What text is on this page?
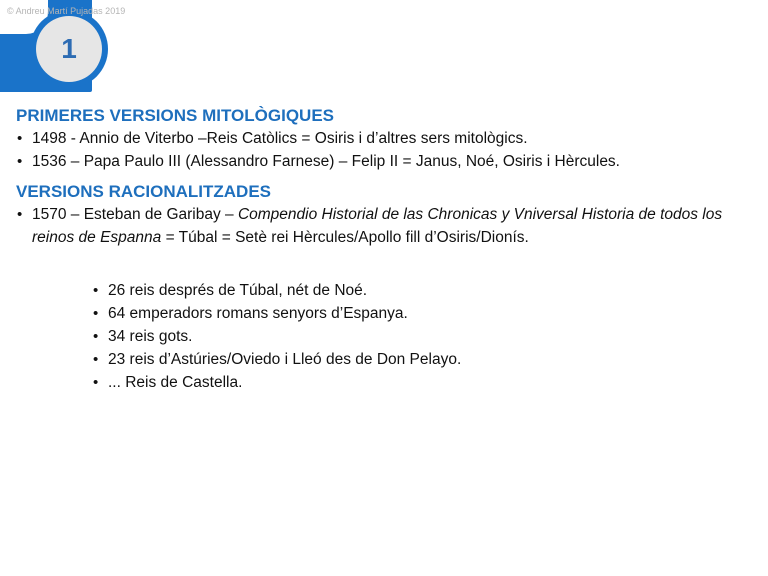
1
© Andreu Martí Pujadas 2019
PRIMERES VERSIONS MITOLÒGIQUES
• 1498 - Annio de Viterbo –Reis Catòlics = Osiris i d’altres sers mitològics.
• 1536 – Papa Paulo III (Alessandro Farnese) – Felip II = Janus, Noé, Osiris i Hèrcules.
VERSIONS RACIONALITZADES
• 1570 – Esteban de Garibay – Compendio Historial de las Chronicas y Vniversal Historia de todos los reinos de Espanna = Túbal = Setè rei Hèrcules/Apollo fill d’Osiris/Dionís.
• 26 reis després de Túbal, nét de Noé.
• 64 emperadors romans senyors d’Espanya.
• 34 reis gots.
• 23 reis d’Astúries/Oviedo i Lleó des de Don Pelayo.
• ... Reis de Castella.
